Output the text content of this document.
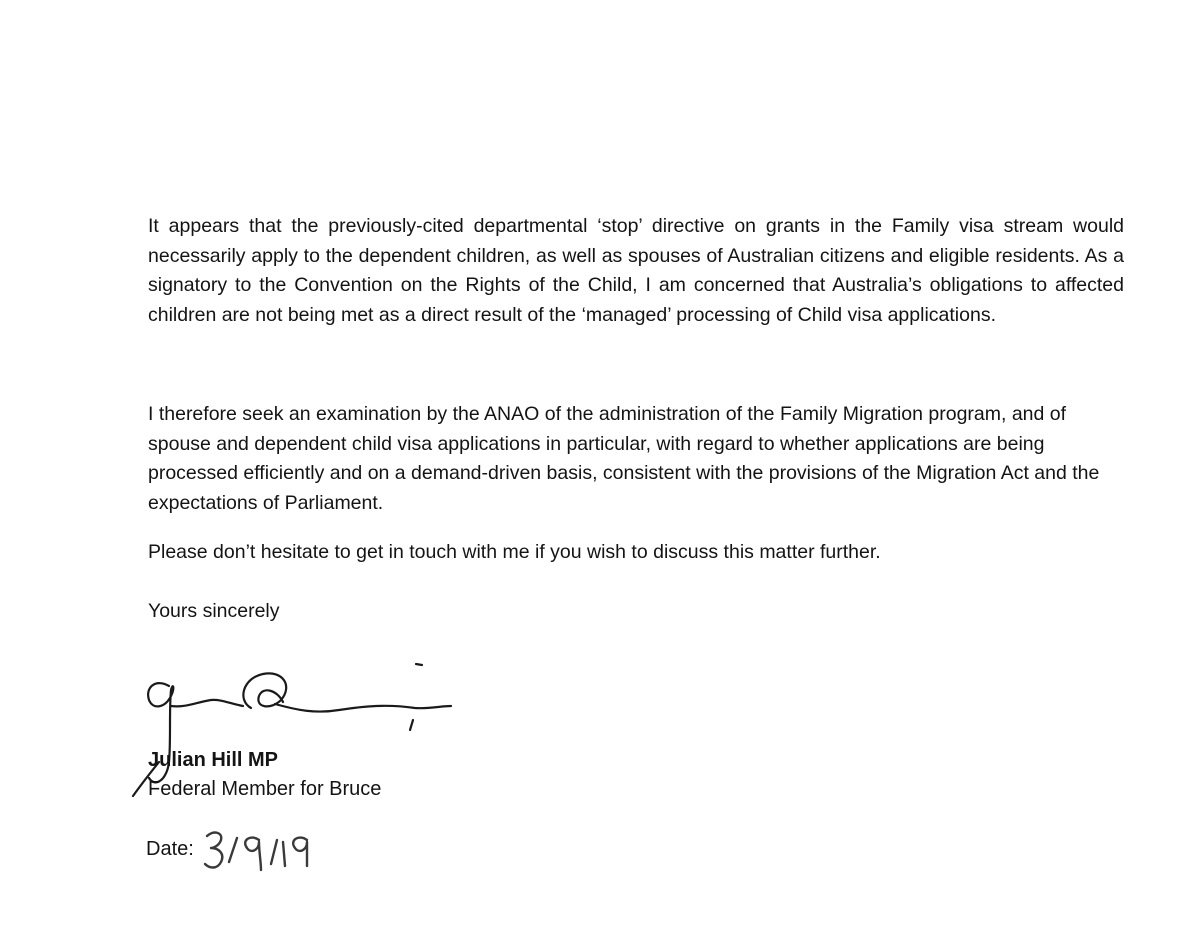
It appears that the previously-cited departmental ‘stop’ directive on grants in the Family visa stream would necessarily apply to the dependent children, as well as spouses of Australian citizens and eligible residents. As a signatory to the Convention on the Rights of the Child, I am concerned that Australia’s obligations to affected children are not being met as a direct result of the ‘managed’ processing of Child visa applications.

I therefore seek an examination by the ANAO of the administration of the Family Migration program, and of spouse and dependent child visa applications in particular, with regard to whether applications are being processed efficiently and on a demand-driven basis, consistent with the provisions of the Migration Act and the expectations of Parliament.

Please don’t hesitate to get in touch with me if you wish to discuss this matter further.

Yours sincerely

Julian Hill MP

Federal Member for Bruce

Date:
